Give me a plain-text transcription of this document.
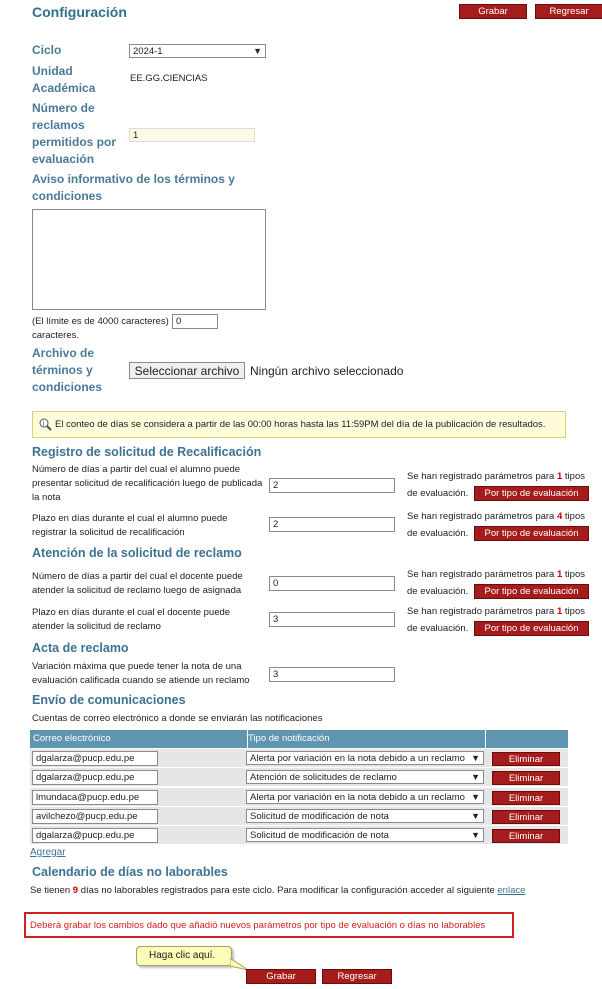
Configuración	Grabar	Regresar
Ciclo	2024-1	▼
Unidad Académica
EE.GG.CIENCIAS
Número de reclamos permitidos por evaluación
1
Aviso informativo de los términos y condiciones
(El límite es de 4000 caracteres) 0
caracteres.
Archivo de términos y condiciones
Seleccionar archivo Ningún archivo seleccionado
i El conteo de días se considera a partir de las 00:00 horas hasta las 11:59PM del día de la publicación de resultados.
Registro de solicitud de Recalificación
Número de días a partir del cual el alumno puede presentar solicitud de recalificación luego de publicada la nota
2
Se han registrado parámetros para 1 tipos
de evaluación.	Por tipo de evaluación
Plazo en días durante el cual el alumno puede registrar la solicitud de recalificación
2
Se han registrado parámetros para 4 tipos
de evaluación.	Por tipo de evaluación
Atención de la solicitud de reclamo
Número de días a partir del cual el docente puede atender la solicitud de reclamo luego de asignada
0
Se han registrado parámetros para 1 tipos
de evaluación.	Por tipo de evaluación
Plazo en días durante el cual el docente puede atender la solicitud de reclamo
3
Se han registrado parámetros para 1 tipos
de evaluación.	Por tipo de evaluación
Acta de reclamo
Variación máxima que puede tener la nota de una evaluación calificada cuando se atiende un reclamo
3
Envío de comunicaciones
Cuentas de correo electrónico a donde se enviarán las notificaciones
Correo electrónico	Tipo de notificación
dgalarza@pucp.edu.pe	Alerta por variación en la nota debido a un reclamo ▼	Eliminar
dgalarza@pucp.edu.pe	Atención de solicitudes de reclamo	▼	Eliminar
lmundaca@pucp.edu.pe	Alerta por variación en la nota debido a un reclamo ▼	Eliminar
avilchezo@pucp.edu.pe	Solicitud de modificación de nota	▼	Eliminar
dgalarza@pucp.edu.pe	Solicitud de modificación de nota	▼	Eliminar
Agregar
Calendario de días no laborables
Se tienen 9 días no laborables registrados para este ciclo. Para modificar la configuración acceder al siguiente enlace
Deberá grabar los cambios dado que añadió nuevos parámetros por tipo de evaluación o días no laborables
Haga clic aquí.
Grabar	Regresar
